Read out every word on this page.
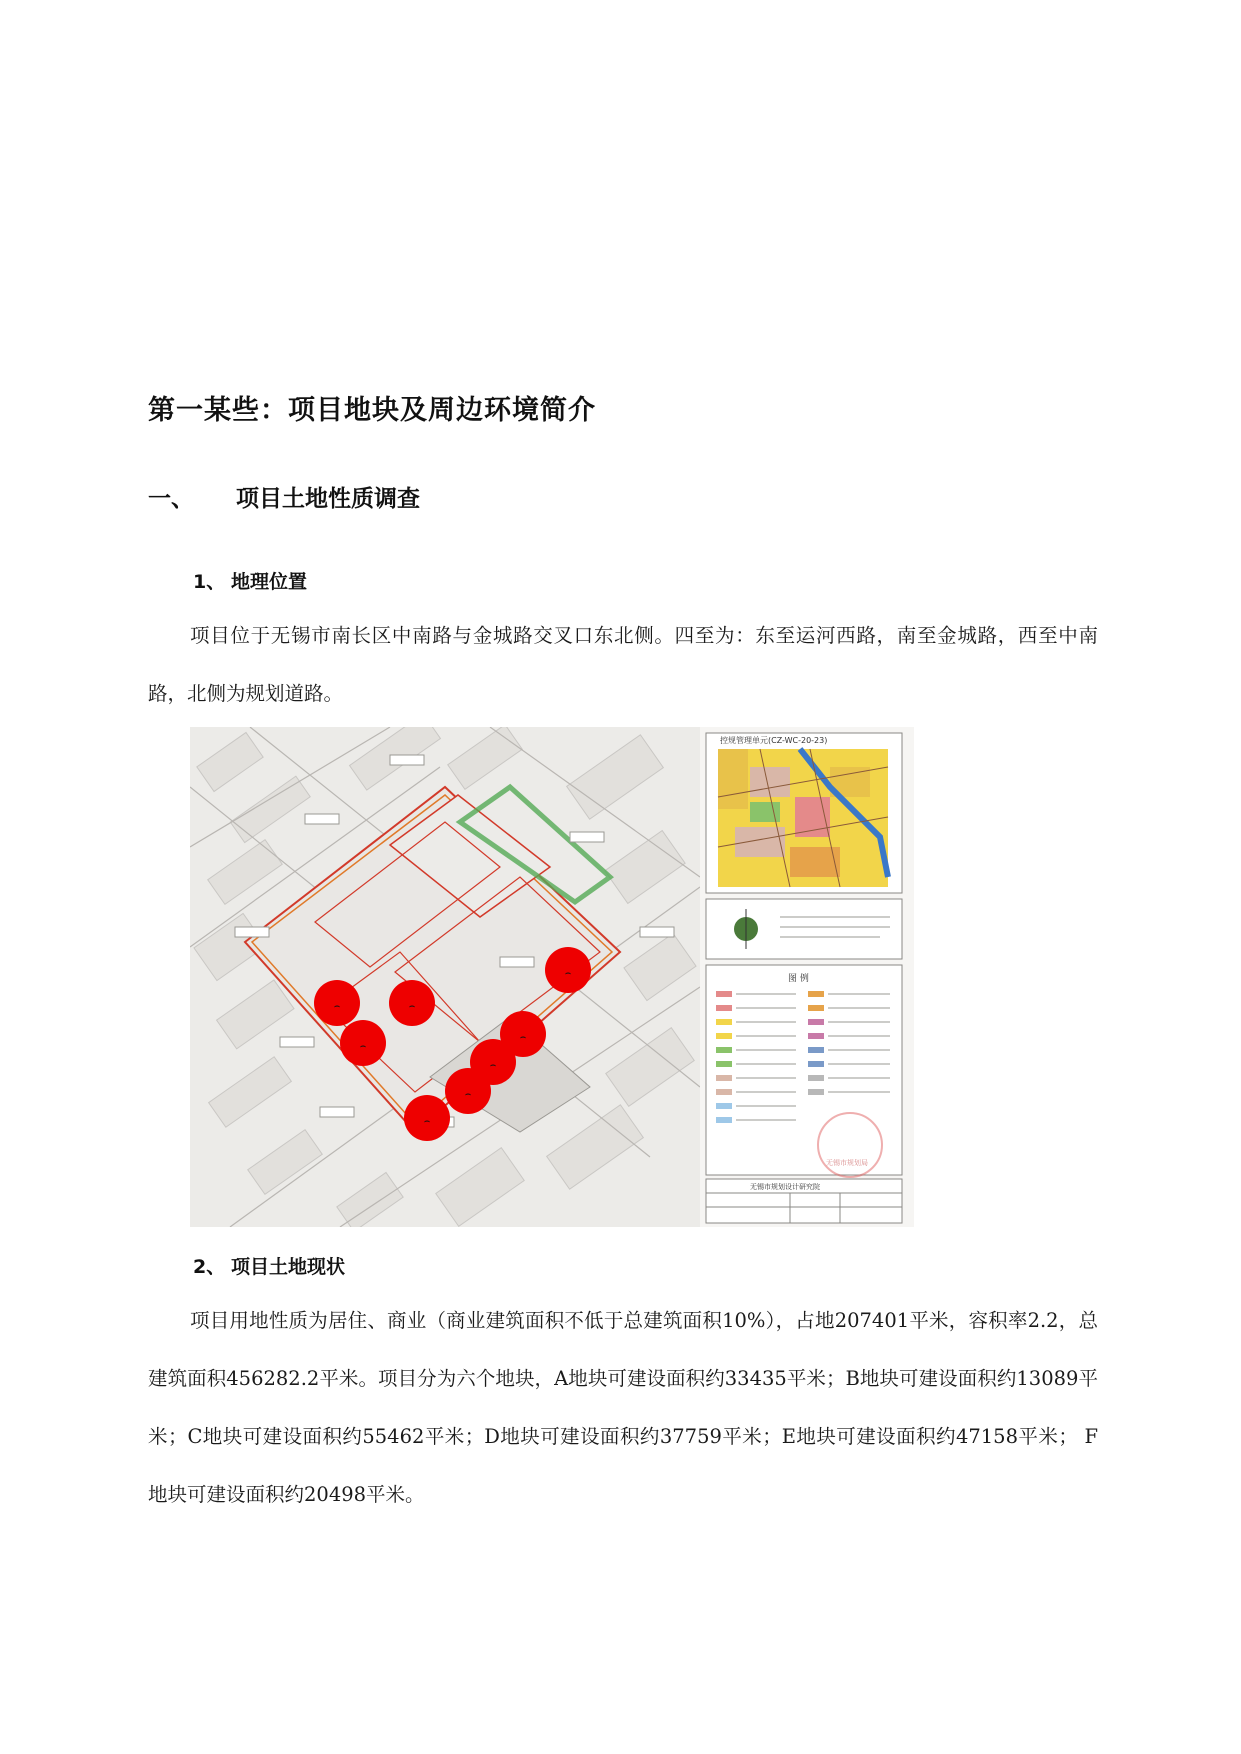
第一某些：项目地块及周边环境简介
一、 项目土地性质调查
1、 地理位置
项目位于无锡市南长区中南路与金城路交叉口东北侧。四至为：东至运河西路，南至金城路，西至中南路，北侧为规划道路。
控规管理单元(CZ-WC-20-23)
图 例
无锡市规划局
无锡市规划设计研究院
⌢
⌢	⌢
⌢
⌢
⌢
⌢
⌢
2、 项目土地现状
项目用地性质为居住、商业（商业建筑面积不低于总建筑面积10%），占地207401平米，容积率2.2，总建筑面积456282.2平米。项目分为六个地块，A地块可建设面积约33435平米；B地块可建设面积约13089平米；C地块可建设面积约55462平米；D地块可建设面积约37759平米；E地块可建设面积约47158平米； F地块可建设面积约20498平米。
